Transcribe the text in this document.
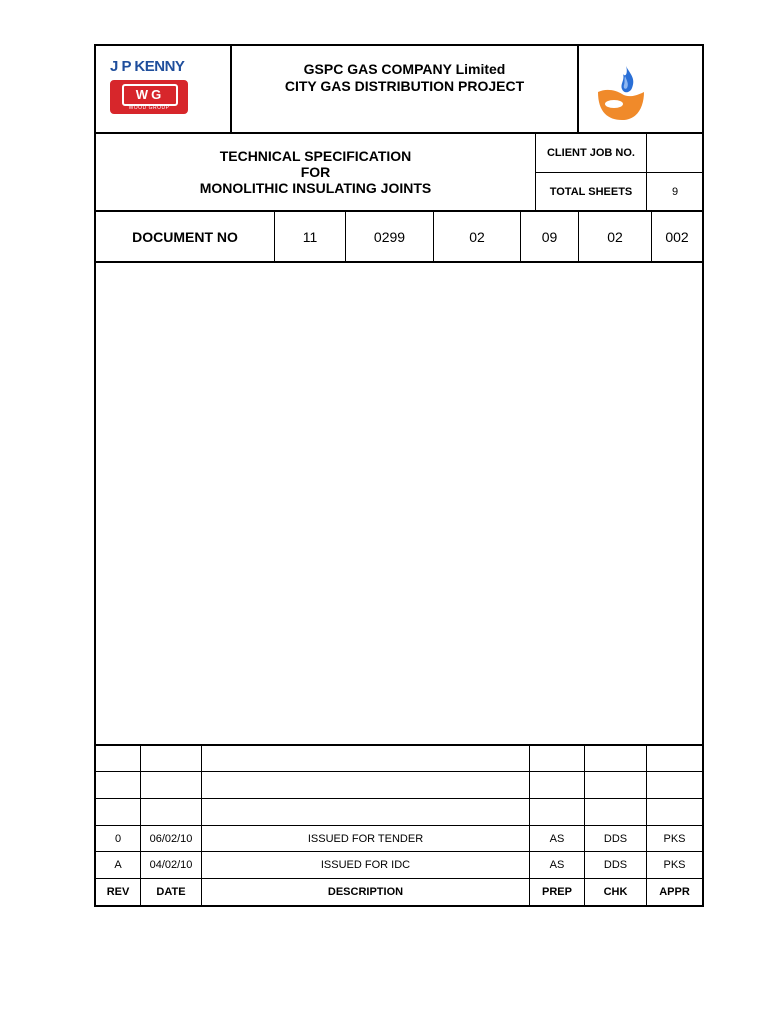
J P KENNY
WG
WOOD GROUP
GSPC GAS COMPANY Limited
CITY GAS DISTRIBUTION PROJECT
TECHNICAL SPECIFICATION
FOR
MONOLITHIC INSULATING JOINTS
CLIENT JOB NO.
TOTAL SHEETS	9
DOCUMENT NO	11	0299	02	09	02	002
0	06/02/10	ISSUED FOR TENDER	AS	DDS	PKS
A	04/02/10	ISSUED FOR IDC	AS	DDS	PKS
REV	DATE	DESCRIPTION	PREP	CHK	APPR
